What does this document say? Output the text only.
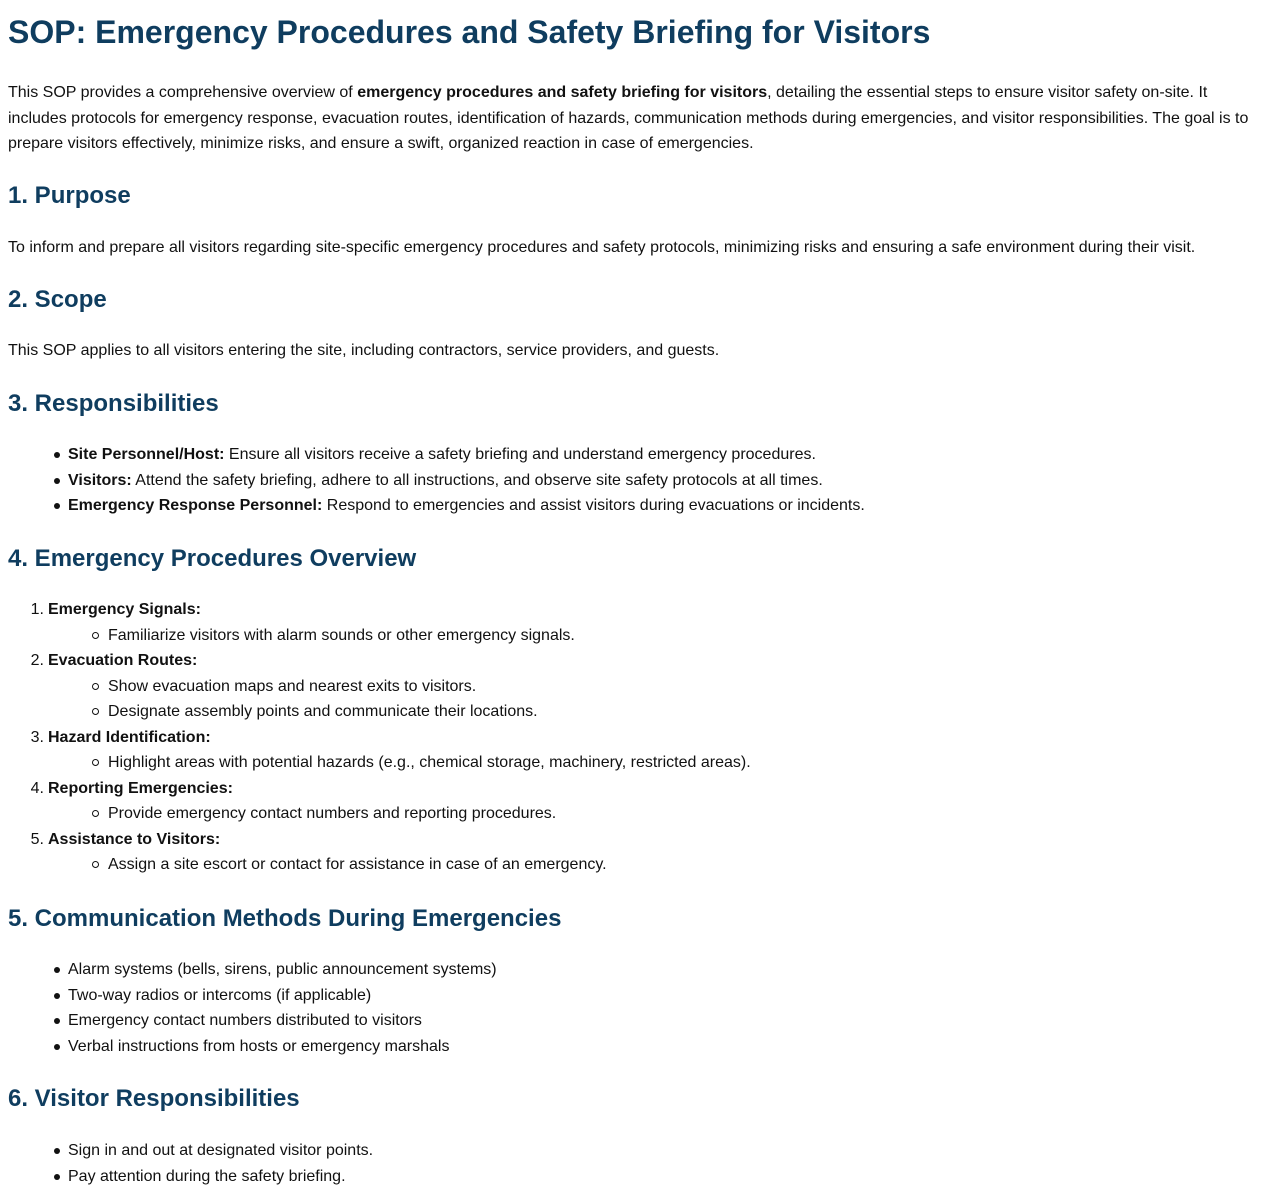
SOP: Emergency Procedures and Safety Briefing for Visitors

This SOP provides a comprehensive overview of emergency procedures and safety briefing for visitors, detailing the essential steps to ensure visitor safety on-site. It
includes protocols for emergency response, evacuation routes, identification of hazards, communication methods during emergencies, and visitor responsibilities. The goal is to
prepare visitors effectively, minimize risks, and ensure a swift, organized reaction in case of emergencies.

1. Purpose

To inform and prepare all visitors regarding site-specific emergency procedures and safety protocols, minimizing risks and ensuring a safe environment during their visit.

2. Scope

This SOP applies to all visitors entering the site, including contractors, service providers, and guests.

3. Responsibilities
Site Personnel/Host: Ensure all visitors receive a safety briefing and understand emergency procedures.
Visitors: Attend the safety briefing, adhere to all instructions, and observe site safety protocols at all times.
Emergency Response Personnel: Respond to emergencies and assist visitors during evacuations or incidents.
4. Emergency Procedures Overview
1. Emergency Signals:
Familiarize visitors with alarm sounds or other emergency signals.
2. Evacuation Routes:
Show evacuation maps and nearest exits to visitors.
Designate assembly points and communicate their locations.
3. Hazard Identification:
Highlight areas with potential hazards (e.g., chemical storage, machinery, restricted areas).
4. Reporting Emergencies:
Provide emergency contact numbers and reporting procedures.
5. Assistance to Visitors:
Assign a site escort or contact for assistance in case of an emergency.
5. Communication Methods During Emergencies
Alarm systems (bells, sirens, public announcement systems)
Two-way radios or intercoms (if applicable)
Emergency contact numbers distributed to visitors
Verbal instructions from hosts or emergency marshals
6. Visitor Responsibilities
Sign in and out at designated visitor points.
Pay attention during the safety briefing.
